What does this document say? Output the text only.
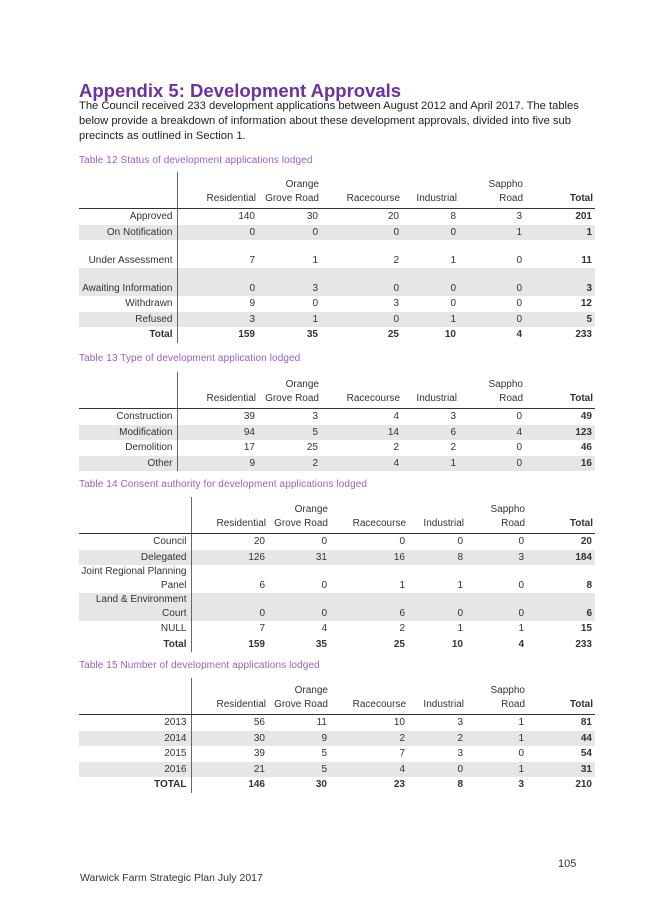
Appendix 5: Development Approvals

The Council received 233 development applications between August 2012 and April 2017. The tables below provide a breakdown of information about these development approvals, divided into five sub precincts as outlined in Section 1.

Table 12 Status of development applications lodged

		Orange			Sappho	
	Residential	Grove Road	Racecourse	Industrial	Road	Total
Approved	140	30	20	8	3	201
On Notification	0	0	0	0	1	1
Under Assessment	7	1	2	1	0	11
Awaiting Information	0	3	0	0	0	3
Withdrawn	9	0	3	0	0	12
Refused	3	1	0	1	0	5
Total	159	35	25	10	4	233

Table 13 Type of development application lodged

		Orange			Sappho	
	Residential	Grove Road	Racecourse	Industrial	Road	Total
Construction	39	3	4	3	0	49
Modification	94	5	14	6	4	123
Demolition	17	25	2	2	0	46
Other	9	2	4	1	0	16

Table 14 Consent authority for development applications lodged

		Orange			Sappho	
	Residential	Grove Road	Racecourse	Industrial	Road	Total
Council	20	0	0	0	0	20
Delegated	126	31	16	8	3	184
Joint Regional Planning Panel	6	0	1	1	0	8
Land & Environment Court	0	0	6	0	0	6
NULL	7	4	2	1	1	15
Total	159	35	25	10	4	233

Table 15 Number of development applications lodged

		Orange			Sappho	
	Residential	Grove Road	Racecourse	Industrial	Road	Total
2013	56	11	10	3	1	81
2014	30	9	2	2	1	44
2015	39	5	7	3	0	54
2016	21	5	4	0	1	31
TOTAL	146	30	23	8	3	210
105
Warwick Farm Strategic Plan July 2017
